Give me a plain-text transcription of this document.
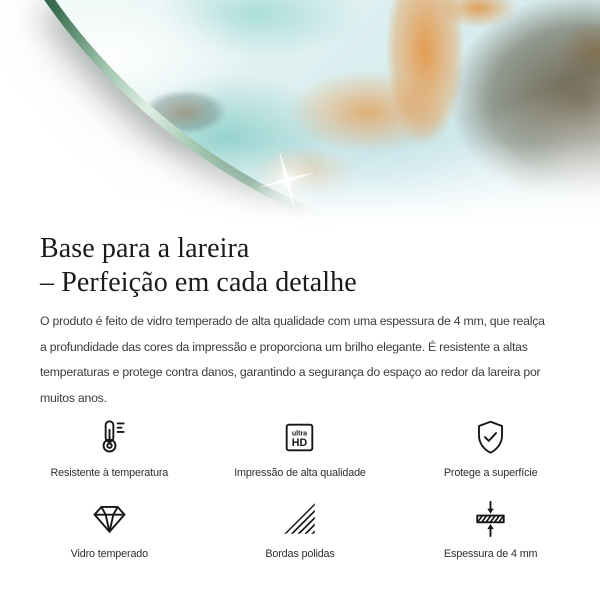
Base para a lareira
– Perfeição em cada detalhe
O produto é feito de vidro temperado de alta qualidade com uma espessura de 4 mm, que realça
a profundidade das cores da impressão e proporciona um brilho elegante. É resistente a altas
temperaturas e protege contra danos, garantindo a segurança do espaço ao redor da lareira por
muitos anos.
Resistente à temperatura
ultra
HD
Impressão de alta qualidade	Protege a superfície
Vidro temperado	Bordas polidas	Espessura de 4 mm
